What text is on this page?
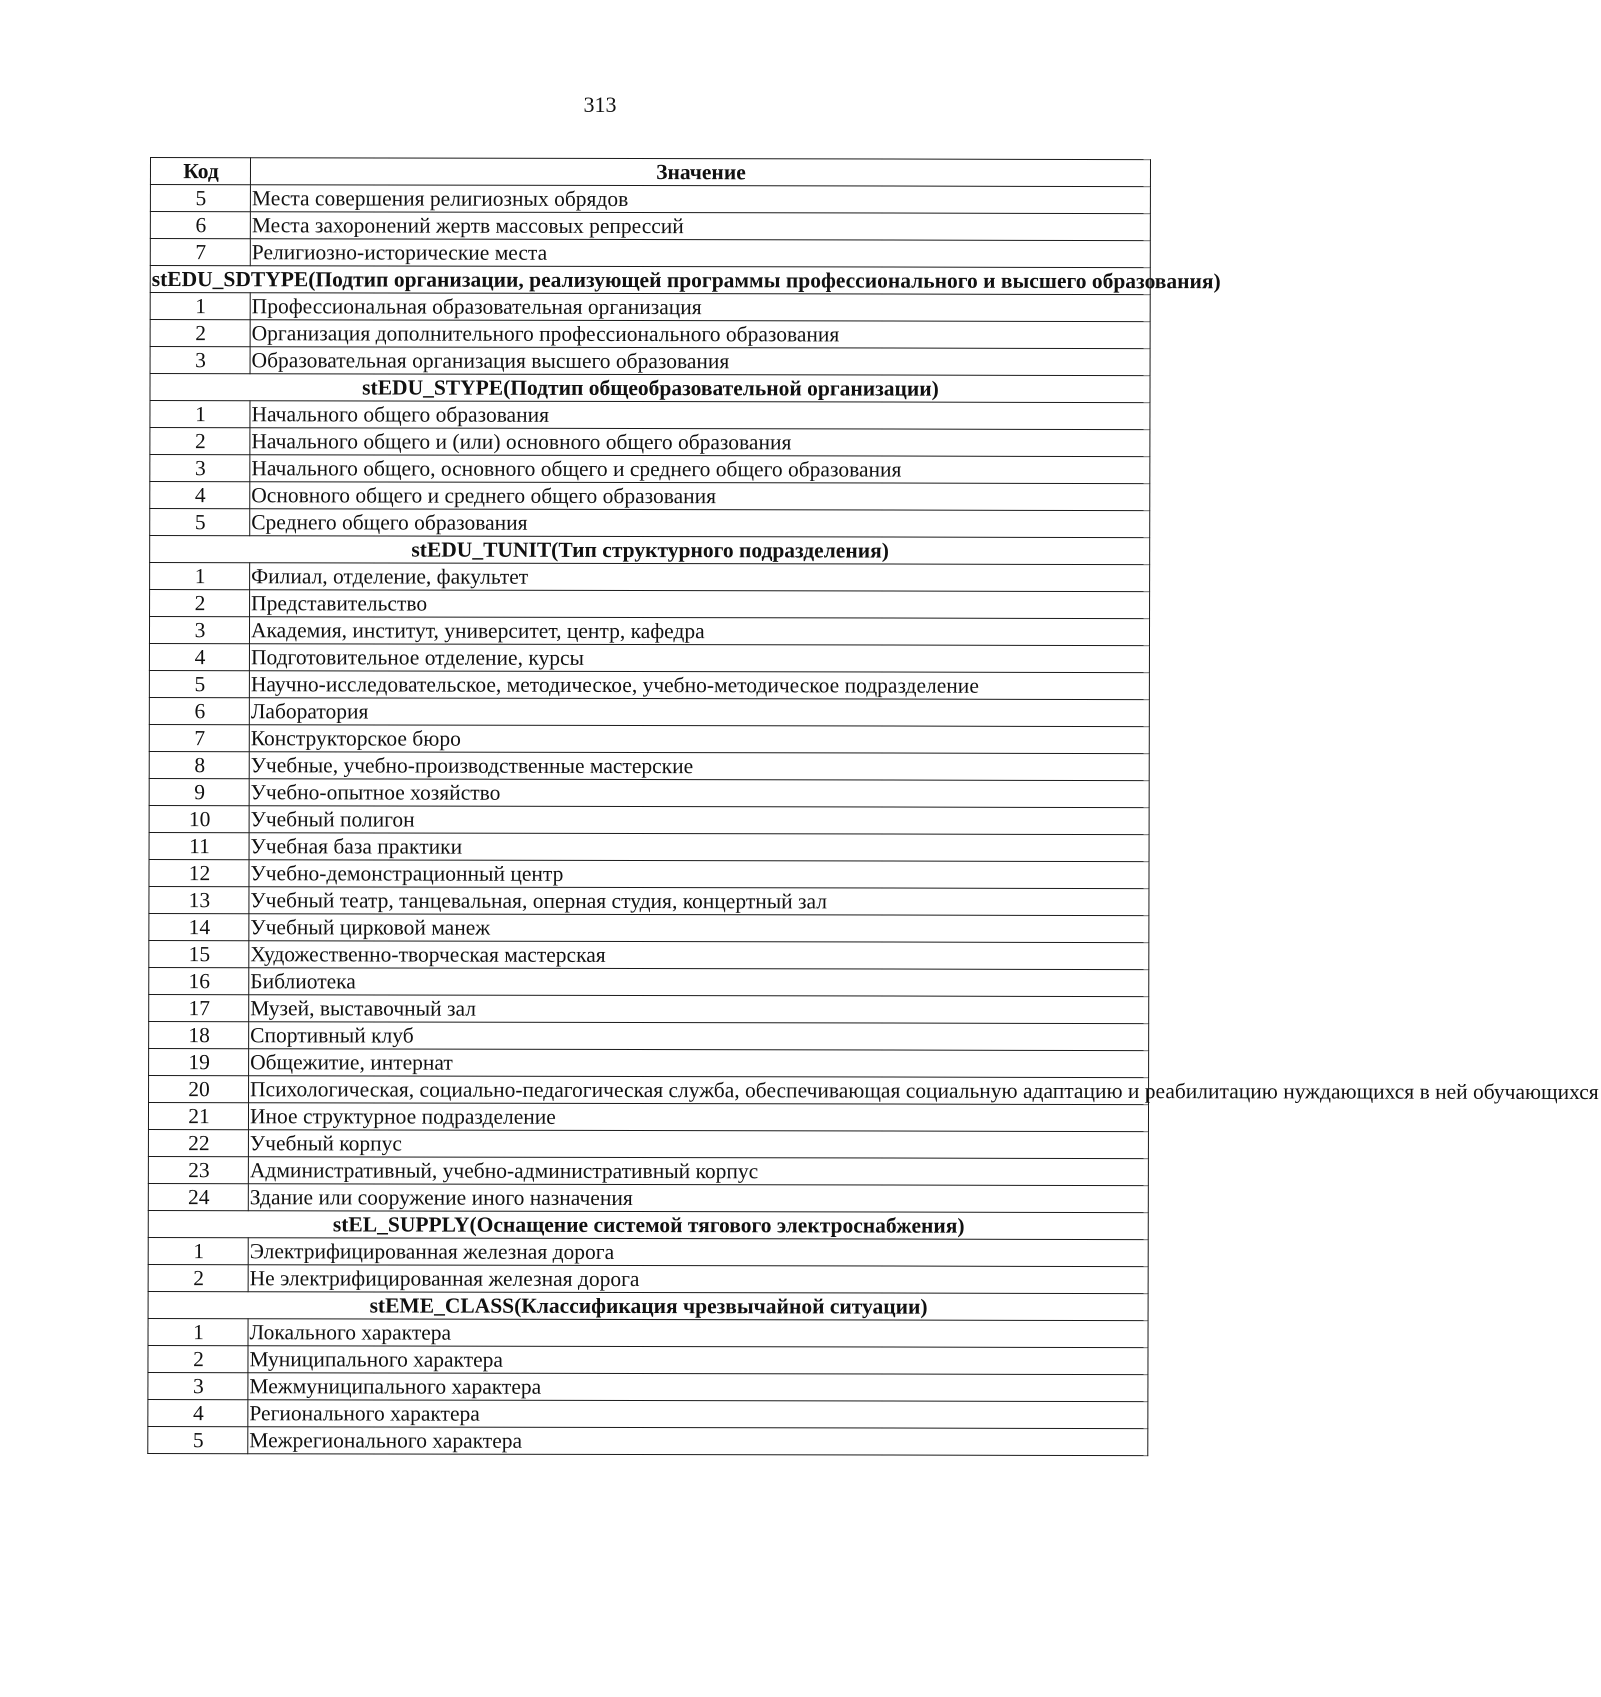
313
Код	Значение
5	Места совершения религиозных обрядов
6	Места захоронений жертв массовых репрессий
7	Религиозно-исторические места
stEDU_SDTYPE(Подтип организации, реализующей программы профессионального и высшего образования)	
1	Профессиональная образовательная организация
2	Организация дополнительного профессионального образования
3	Образовательная организация высшего образования
stEDU_STYPE(Подтип общеобразовательной организации)	
1	Начального общего образования
2	Начального общего и (или) основного общего образования
3	Начального общего, основного общего и среднего общего образования
4	Основного общего и среднего общего образования
5	Среднего общего образования
stEDU_TUNIT(Тип структурного подразделения)	
1	Филиал, отделение, факультет
2	Представительство
3	Академия, институт, университет, центр, кафедра
4	Подготовительное отделение, курсы
5	Научно-исследовательское, методическое, учебно-методическое подразделение
6	Лаборатория
7	Конструкторское бюро
8	Учебные, учебно-производственные мастерские
9	Учебно-опытное хозяйство
10	Учебный полигон
11	Учебная база практики
12	Учебно-демонстрационный центр
13	Учебный театр, танцевальная, оперная студия, концертный зал
14	Учебный цирковой манеж
15	Художественно-творческая мастерская
16	Библиотека
17	Музей, выставочный зал
18	Спортивный клуб
19	Общежитие, интернат
20	Психологическая, социально-педагогическая служба, обеспечивающая социальную адаптацию и реабилитацию нуждающихся в ней обучающихся
21	Иное структурное подразделение
22	Учебный корпус
23	Административный, учебно-административный корпус
24	Здание или сооружение иного назначения
stEL_SUPPLY(Оснащение системой тягового электроснабжения)	
1	Электрифицированная железная дорога
2	Не электрифицированная железная дорога
stEME_CLASS(Классификация чрезвычайной ситуации)	
1	Локального характера
2	Муниципального характера
3	Межмуниципального характера
4	Регионального характера
5	Межрегионального характера
